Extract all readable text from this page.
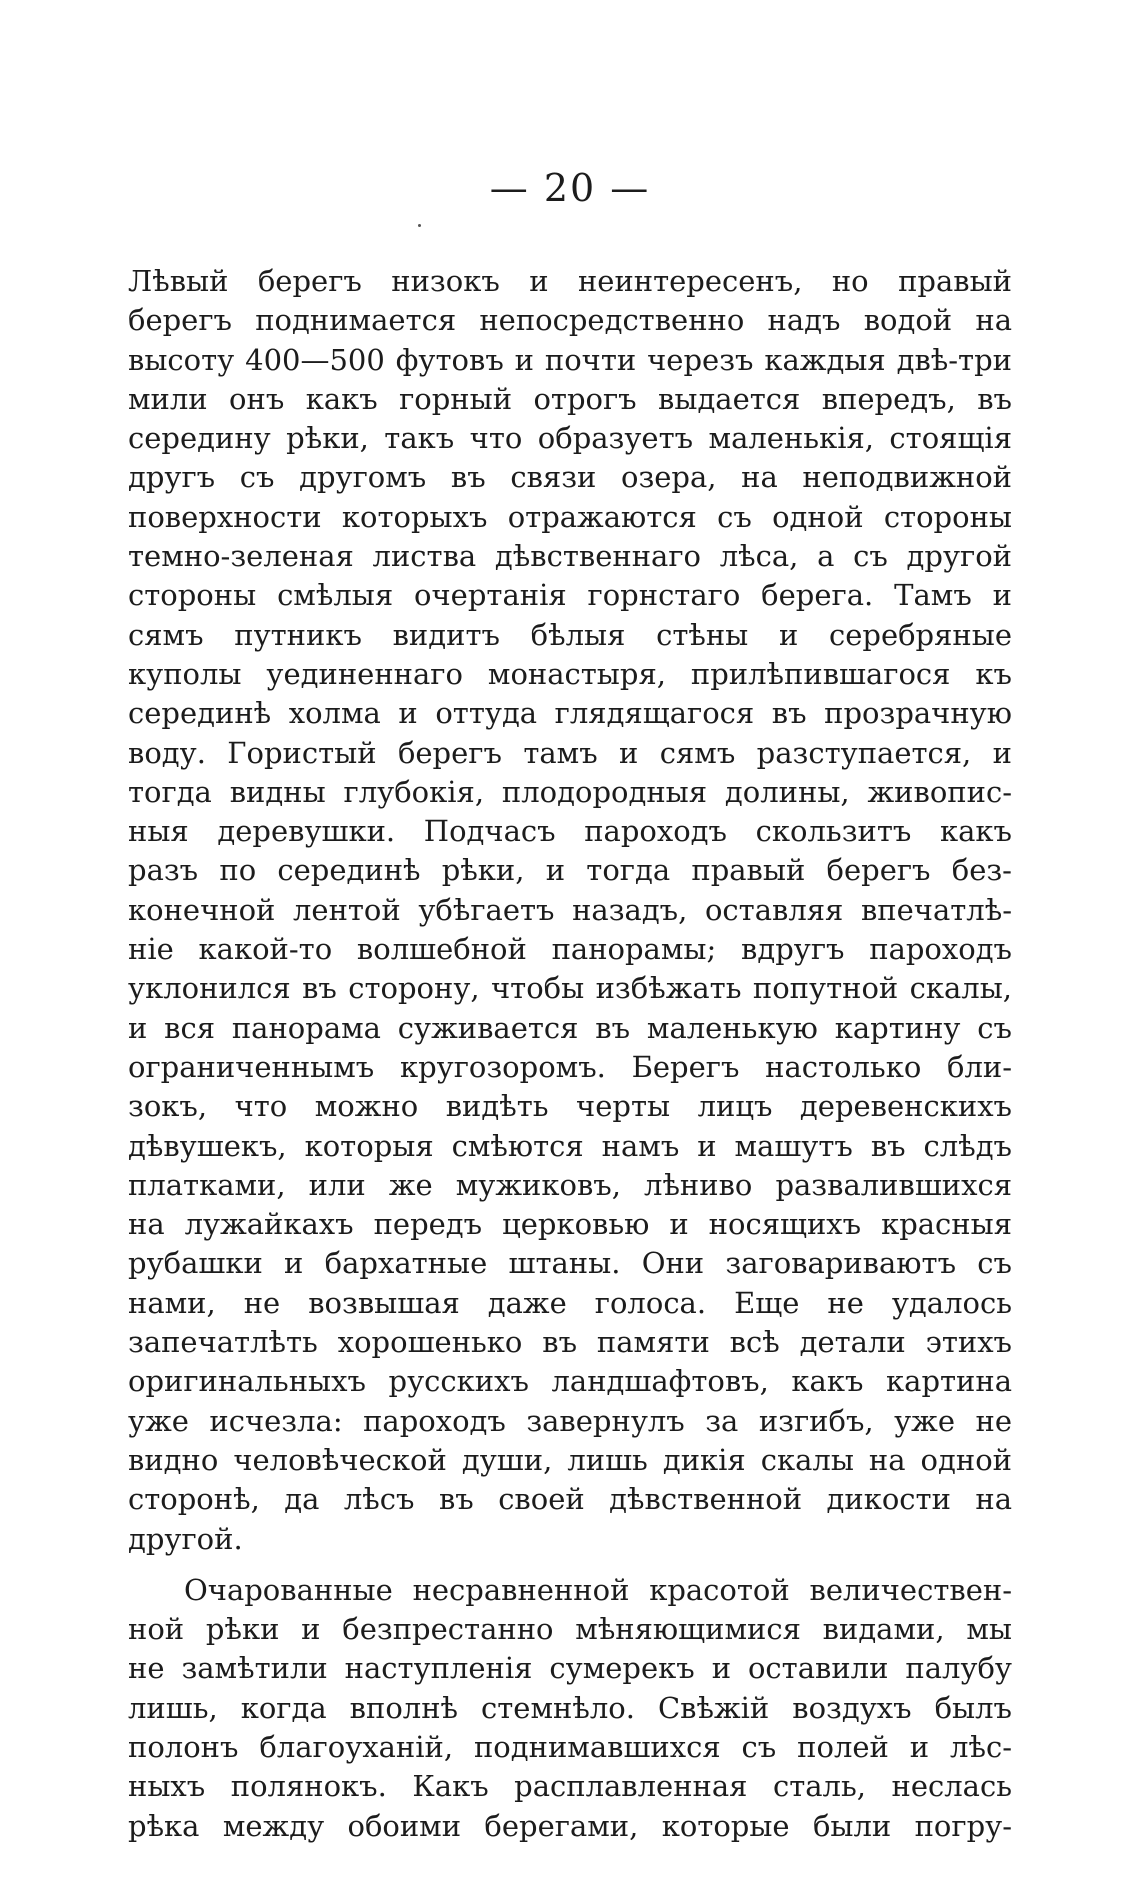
— 20 —
Лѣвый берегъ низокъ и неинтересенъ, но правый
берегъ поднимается непосредственно надъ водой на
высоту 400—500 футовъ и почти черезъ каждыя двѣ-три
мили онъ какъ горный отрогъ выдается впередъ, въ
середину рѣки, такъ что образуетъ маленькія, стоящія
другъ съ другомъ въ связи озера, на неподвижной
поверхности которыхъ отражаются съ одной стороны
темно-зеленая листва дѣвственнаго лѣса, а съ другой
стороны смѣлыя очертанія горнстаго берега. Тамъ и
сямъ путникъ видитъ бѣлыя стѣны и серебряные
куполы уединеннаго монастыря, прилѣпившагося къ
серединѣ холма и оттуда глядящагося въ прозрачную
воду. Гористый берегъ тамъ и сямъ разступается, и
тогда видны глубокія, плодородныя долины, живопис-
ныя деревушки. Подчасъ пароходъ скользитъ какъ
разъ по серединѣ рѣки, и тогда правый берегъ без-
конечной лентой убѣгаетъ назадъ, оставляя впечатлѣ-
ніе какой-то волшебной панорамы; вдругъ пароходъ
уклонился въ сторону, чтобы избѣжать попутной скалы,
и вся панорама суживается въ маленькую картину съ
ограниченнымъ кругозоромъ. Берегъ настолько бли-
зокъ, что можно видѣть черты лицъ деревенскихъ
дѣвушекъ, которыя смѣются намъ и машутъ въ слѣдъ
платками, или же мужиковъ, лѣниво развалившихся
на лужайкахъ передъ церковью и носящихъ красныя
рубашки и бархатные штаны. Они заговариваютъ съ
нами, не возвышая даже голоса. Еще не удалось
запечатлѣть хорошенько въ памяти всѣ детали этихъ
оригинальныхъ русскихъ ландшафтовъ, какъ картина
уже исчезла: пароходъ завернулъ за изгибъ, уже не
видно человѣческой души, лишь дикія скалы на одной
сторонѣ, да лѣсъ въ своей дѣвственной дикости на
другой.
Очарованные несравненной красотой величествен-
ной рѣки и безпрестанно мѣняющимися видами, мы
не замѣтили наступленія сумерекъ и оставили палубу
лишь, когда вполнѣ стемнѣло. Свѣжій воздухъ былъ
полонъ благоуханій, поднимавшихся съ полей и лѣс-
ныхъ полянокъ. Какъ расплавленная сталь, неслась
рѣка между обоими берегами, которые были погру-
